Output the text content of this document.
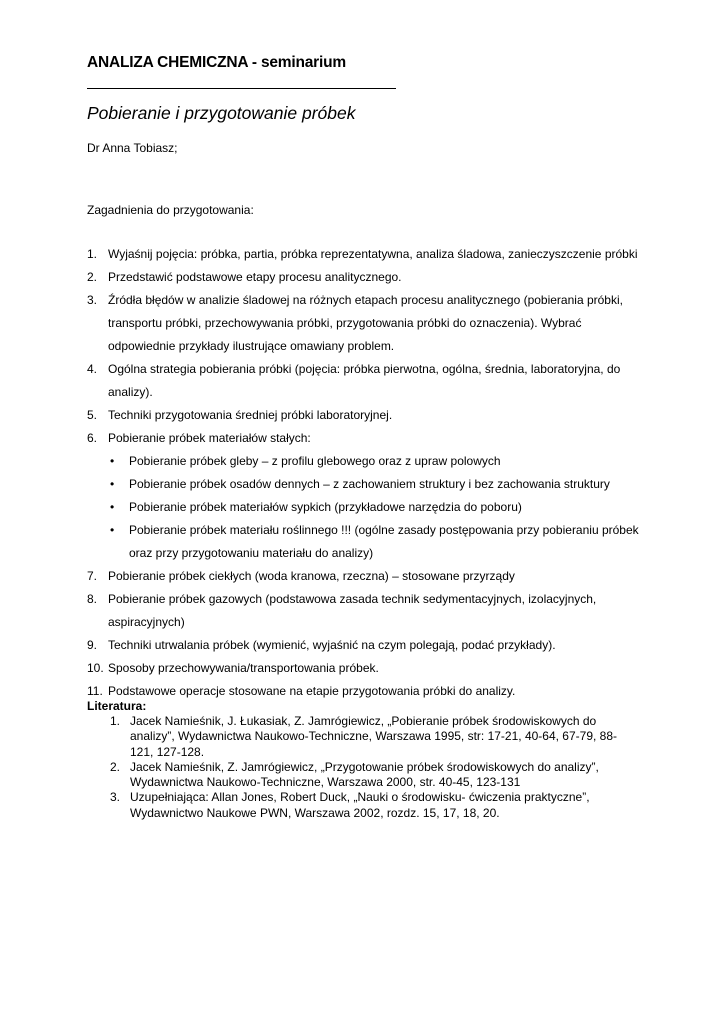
ANALIZA CHEMICZNA - seminarium
Pobieranie i przygotowanie próbek
Dr Anna Tobiasz;
Zagadnienia do przygotowania:
1. Wyjaśnij pojęcia: próbka, partia, próbka reprezentatywna, analiza śladowa, zanieczyszczenie próbki
2. Przedstawić podstawowe etapy procesu analitycznego.
3. Źródła błędów w analizie śladowej na różnych etapach procesu analitycznego (pobierania próbki, transportu próbki, przechowywania próbki, przygotowania próbki do oznaczenia). Wybrać odpowiednie przykłady ilustrujące omawiany problem.
4. Ogólna strategia pobierania próbki (pojęcia: próbka pierwotna, ogólna, średnia, laboratoryjna, do analizy).
5. Techniki przygotowania średniej próbki laboratoryjnej.
6. Pobieranie próbek materiałów stałych:
• Pobieranie próbek gleby – z profilu glebowego oraz z upraw polowych
• Pobieranie próbek osadów dennych – z zachowaniem struktury i bez zachowania struktury
• Pobieranie próbek materiałów sypkich (przykładowe narzędzia do poboru)
• Pobieranie próbek materiału roślinnego !!! (ogólne zasady postępowania przy pobieraniu próbek oraz przy przygotowaniu materiału do analizy)
7. Pobieranie próbek ciekłych (woda kranowa, rzeczna) – stosowane przyrządy
8. Pobieranie próbek gazowych (podstawowa zasada technik sedymentacyjnych, izolacyjnych, aspiracyjnych)
9. Techniki utrwalania próbek (wymienić, wyjaśnić na czym polegają, podać przykłady).
10. Sposoby przechowywania/transportowania próbek.
11. Podstawowe operacje stosowane na etapie przygotowania próbki do analizy.
Literatura:
1. Jacek Namieśnik, J. Łukasiak, Z. Jamrógiewicz, „Pobieranie próbek środowiskowych do analizy”, Wydawnictwa Naukowo-Techniczne, Warszawa 1995, str: 17-21, 40-64, 67-79, 88-121, 127-128.
2. Jacek Namieśnik, Z. Jamrógiewicz, „Przygotowanie próbek środowiskowych do analizy”, Wydawnictwa Naukowo-Techniczne, Warszawa 2000, str. 40-45, 123-131
3. Uzupełniająca: Allan Jones, Robert Duck, „Nauki o środowisku- ćwiczenia praktyczne”, Wydawnictwo Naukowe PWN, Warszawa 2002, rozdz. 15, 17, 18, 20.
